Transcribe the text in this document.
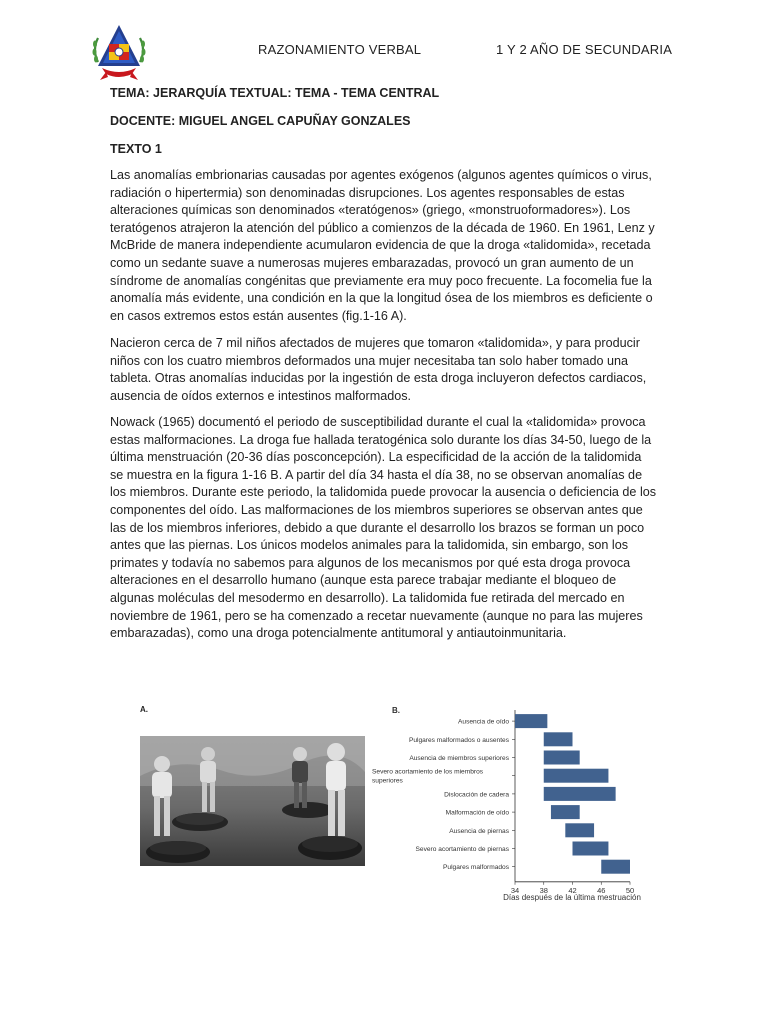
RAZONAMIENTO VERBAL	1 Y 2 AÑO DE SECUNDARIA
TEMA: JERARQUÍA TEXTUAL: TEMA - TEMA CENTRAL
DOCENTE: MIGUEL ANGEL CAPUÑAY GONZALES
TEXTO 1

Las anomalías embrionarias causadas por agentes exógenos (algunos agentes químicos o virus, radiación o hipertermia) son denominadas disrupciones. Los agentes responsables de estas alteraciones químicas son denominados «teratógenos» (griego, «monstruoformadores»). Los teratógenos atrajeron la atención del público a comienzos de la década de 1960. En 1961, Lenz y McBride de manera independiente acumularon evidencia de que la droga «talidomida», recetada como un sedante suave a numerosas mujeres embarazadas, provocó un gran aumento de un síndrome de anomalías congénitas que previamente era muy poco frecuente. La focomelia fue la anomalía más evidente, una condición en la que la longitud ósea de los miembros es deficiente o en casos extremos estos están ausentes (fig.1-16 A).

Nacieron cerca de 7 mil niños afectados de mujeres que tomaron «talidomida», y para producir niños con los cuatro miembros deformados una mujer necesitaba tan solo haber tomado una tableta. Otras anomalías inducidas por la ingestión de esta droga incluyeron defectos cardiacos, ausencia de oídos externos e intestinos malformados.

Nowack (1965) documentó el periodo de susceptibilidad durante el cual la «talidomida» provoca estas malformaciones. La droga fue hallada teratogénica solo durante los días 34-50, luego de la última menstruación (20-36 días posconcepción). La especificidad de la acción de la talidomida se muestra en la figura 1-16 B. A partir del día 34 hasta el día 38, no se observan anomalías de los miembros. Durante este periodo, la talidomida puede provocar la ausencia o deficiencia de los componentes del oído. Las malformaciones de los miembros superiores se observan antes que las de los miembros inferiores, debido a que durante el desarrollo los brazos se forman un poco antes que las piernas. Los únicos modelos animales para la talidomida, sin embargo, son los primates y todavía no sabemos para algunos de los mecanismos por qué esta droga provoca alteraciones en el desarrollo humano (aunque esta parece trabajar mediante el bloqueo de algunas moléculas del mesodermo en desarrollo). La talidomida fue retirada del mercado en noviembre de 1961, pero se ha comenzado a recetar nuevamente (aunque no para las mujeres embarazadas), como una droga potencialmente antitumoral y antiautoinmunitaria.

A.	B.
Ausencia de oído
Pulgares malformados o ausentes
Ausencia de miembros superiores
Severo acortamiento de los miembros superiores
Dislocación de cadera
Malformación de oído
Ausencia de piernas
Severo acortamiento de piernas
Pulgares malformados
34	38	42	46	50
Días después de la última mestruación
